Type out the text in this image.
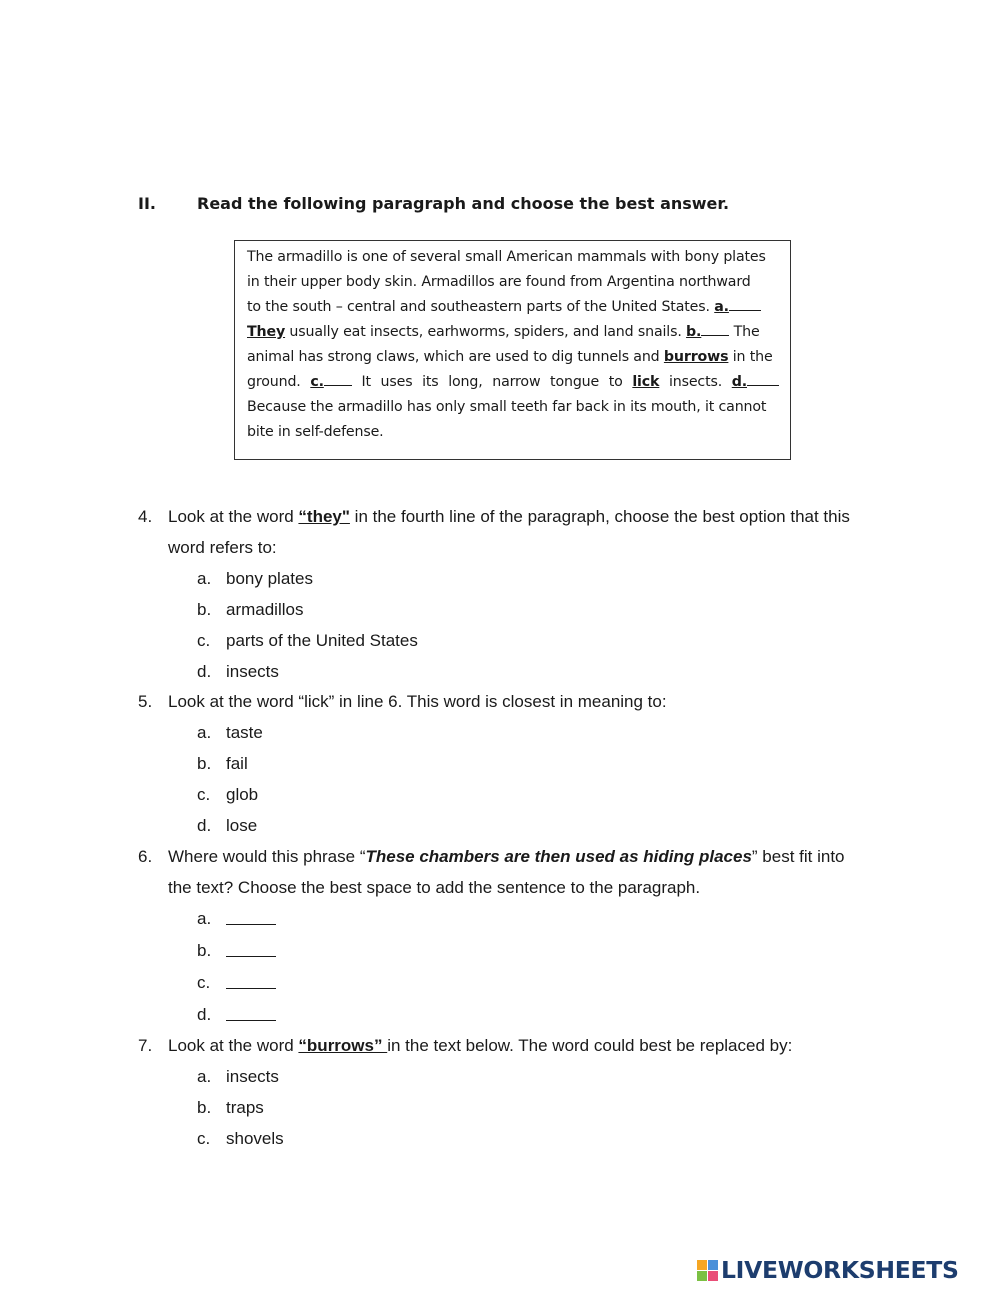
II.	Read the following paragraph and choose the best answer.
The armadillo is one of several small American mammals with bony plates
in their upper body skin. Armadillos are found from Argentina northward
to the south – central and southeastern parts of the United States. a.
They usually eat insects, earhworms, spiders, and land snails. b. The
animal has strong claws, which are used to dig tunnels and burrows in the
ground. c. It uses its long, narrow tongue to lick insects. d.
Because the armadillo has only small teeth far back in its mouth, it cannot
bite in self-defense.
4. Look at the word “they" in the fourth line of the paragraph, choose the best option that this word refers to:
a. bony plates
b. armadillos
c. parts of the United States
d. insects
5. Look at the word “lick” in line 6. This word is closest in meaning to:
a. taste
b. fail
c. glob
d. lose
6. Where would this phrase “These chambers are then used as hiding places” best fit into the text? Choose the best space to add the sentence to the paragraph.
a.
b.
c.
d.
7. Look at the word “burrows” in the text below. The word could best be replaced by:
a. insects
b. traps
c. shovels
LIVEWORKSHEETS
